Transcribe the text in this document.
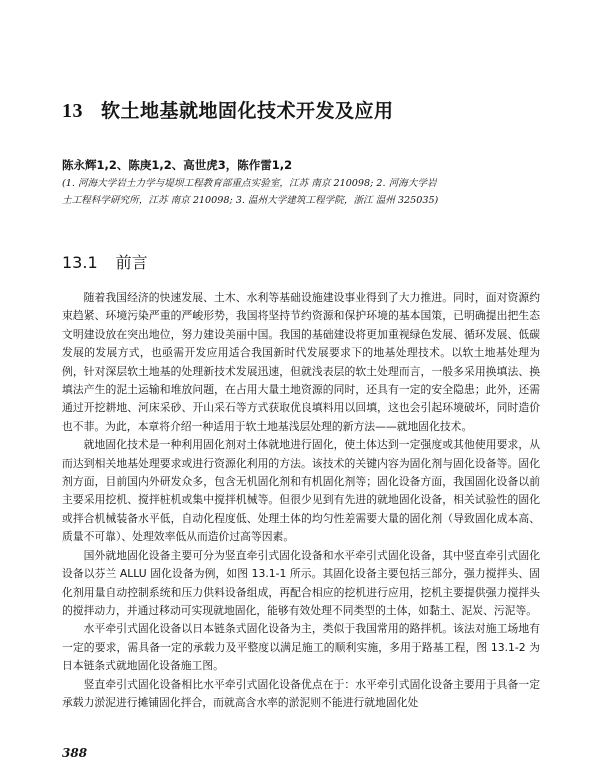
13 软土地基就地固化技术开发及应用
陈永辉1,2、陈庚1,2、高世虎3，陈作雷1,2
(1. 河海大学岩土力学与堤坝工程教育部重点实验室，江苏 南京 210098; 2. 河海大学岩
土工程科学研究所，江苏 南京 210098; 3. 温州大学建筑工程学院，浙江 温州 325035)
13.1 前言

随着我国经济的快速发展、土木、水利等基础设施建设事业得到了大力推进。同时，面对资源约束趋紧、环境污染严重的严峻形势，我国将坚持节约资源和保护环境的基本国策，已明确提出把生态文明建设放在突出地位，努力建设美丽中国。我国的基础建设将更加重视绿色发展、循环发展、低碳发展的发展方式，也亟需开发应用适合我国新时代发展要求下的地基处理技术。以软土地基处理为例，针对深层软土地基的处理新技术发展迅速，但就浅表层的软土处理而言，一般多采用换填法、换填法产生的泥土运输和堆放问题，在占用大量土地资源的同时，还具有一定的安全隐患；此外，还需通过开挖耕地、河床采砂、开山采石等方式获取优良填料用以回填，这也会引起环境破坏，同时造价也不菲。为此，本章将介绍一种适用于软土地基浅层处理的新方法——就地固化技术。

就地固化技术是一种利用固化剂对土体就地进行固化，使土体达到一定强度或其他使用要求，从而达到相关地基处理要求或进行资源化利用的方法。该技术的关键内容为固化剂与固化设备等。固化剂方面，目前国内外研发众多，包含无机固化剂和有机固化剂等；固化设备方面，我国固化设备以前主要采用挖机、搅拌桩机或集中搅拌机械等。但很少见到有先进的就地固化设备，相关试验性的固化或拌合机械装备水平低，自动化程度低、处理土体的均匀性差需要大量的固化剂（导致固化成本高、质量不可靠）、处理效率低从而造价过高等因素。

国外就地固化设备主要可分为竖直牵引式固化设备和水平牵引式固化设备，其中竖直牵引式固化设备以芬兰 ALLU 固化设备为例，如图 13.1-1 所示。其固化设备主要包括三部分，强力搅拌头、固化剂用量自动控制系统和压力供料设备组成，再配合相应的挖机进行应用，挖机主要提供强力搅拌头的搅拌动力，并通过移动可实现就地固化，能够有效处理不同类型的土体，如黏土、泥炭、污泥等。

水平牵引式固化设备以日本链条式固化设备为主，类似于我国常用的路拌机。该法对施工场地有一定的要求，需具备一定的承载力及平整度以满足施工的顺利实施，多用于路基工程，图 13.1-2 为日本链条式就地固化设备施工图。

竖直牵引式固化设备相比水平牵引式固化设备优点在于：水平牵引式固化设备主要用于具备一定承载力淤泥进行摊铺固化拌合，而就高含水率的淤泥则不能进行就地固化处

388
